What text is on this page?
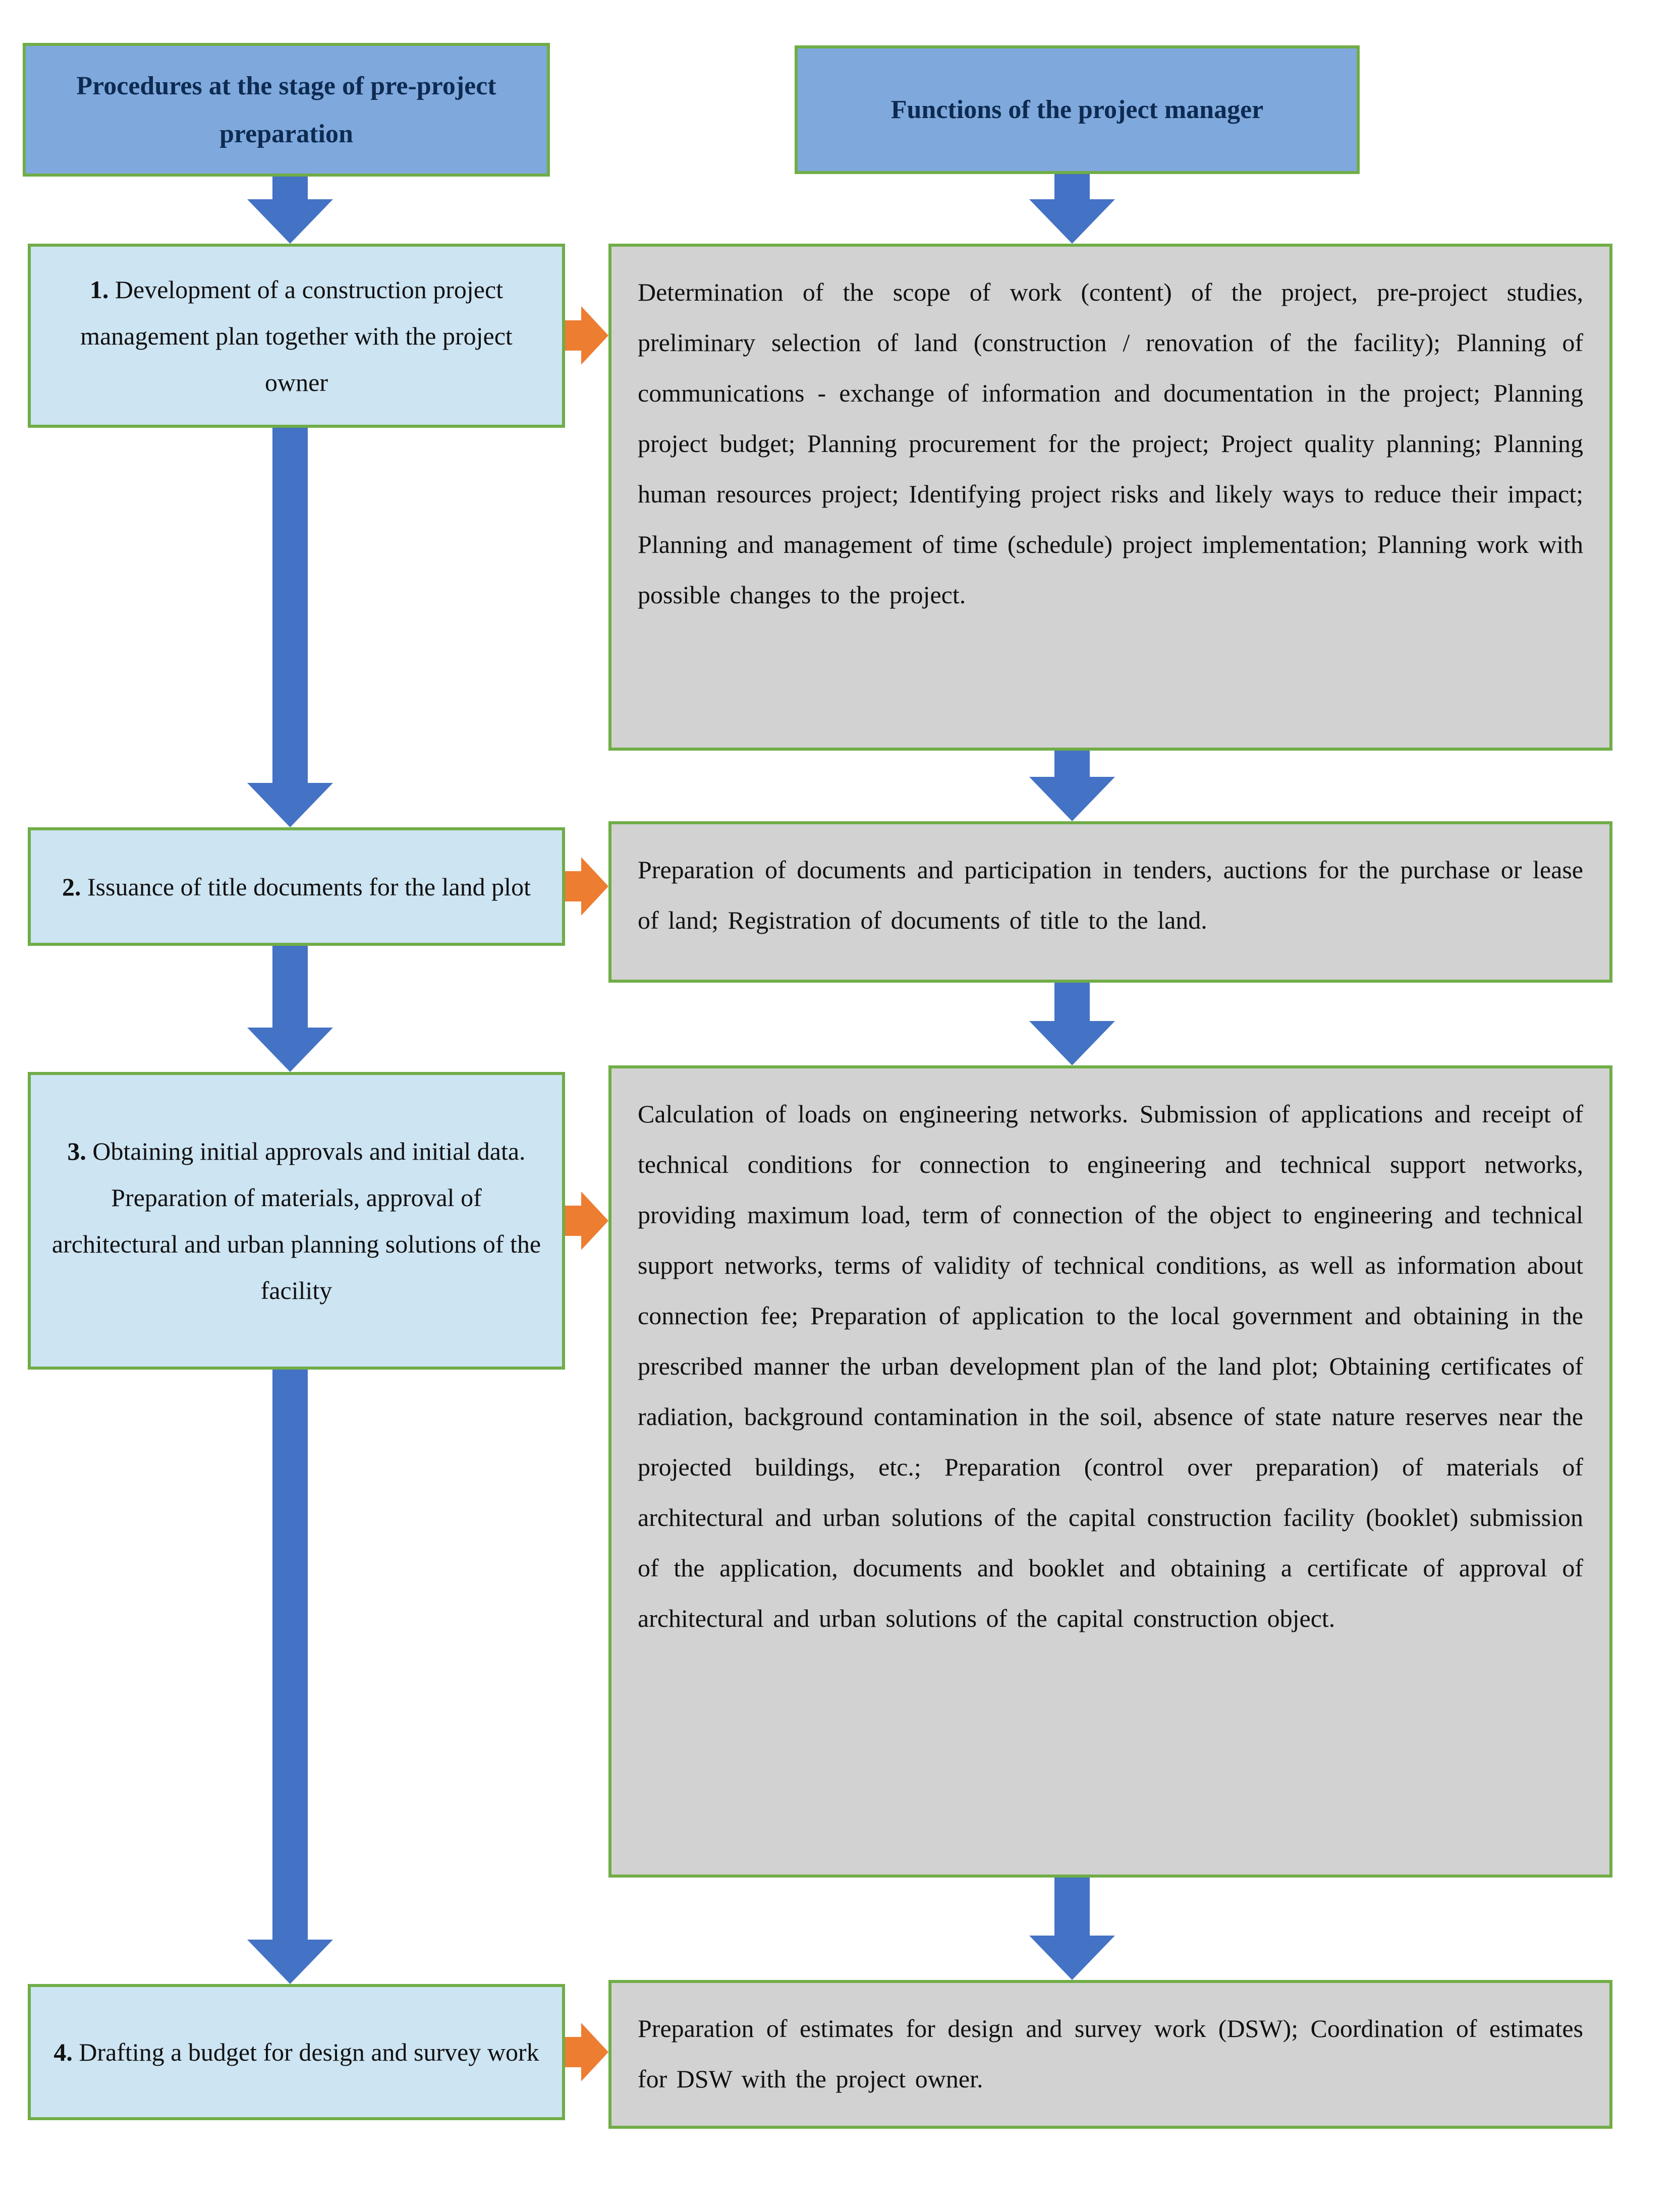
Procedures at the stage of pre-project preparation
Functions of the project manager
1. Development of a construction project management plan together with the project owner
Determination of the scope of work (content) of the project, pre-project studies, preliminary selection of land (construction / renovation of the facility); Planning of communications - exchange of information and documentation in the project; Planning project budget; Planning procurement for the project; Project quality planning; Planning human resources project; Identifying project risks and likely ways to reduce their impact; Planning and management of time (schedule) project implementation; Planning work with possible changes to the project.
2. Issuance of title documents for the land plot
Preparation of documents and participation in tenders, auctions for the purchase or lease of land; Registration of documents of title to the land.
3. Obtaining initial approvals and initial data. Preparation of materials, approval of architectural and urban planning solutions of the facility
Calculation of loads on engineering networks. Submission of applications and receipt of technical conditions for connection to engineering and technical support networks, providing maximum load, term of connection of the object to engineering and technical support networks, terms of validity of technical conditions, as well as information about connection fee; Preparation of application to the local government and obtaining in the prescribed manner the urban development plan of the land plot; Obtaining certificates of radiation, background contamination in the soil, absence of state nature reserves near the projected buildings, etc.; Preparation (control over preparation) of materials of architectural and urban solutions of the capital construction facility (booklet) submission of the application, documents and booklet and obtaining a certificate of approval of architectural and urban solutions of the capital construction object.
4. Drafting a budget for design and survey work
Preparation of estimates for design and survey work (DSW); Coordination of estimates for DSW with the project owner.
